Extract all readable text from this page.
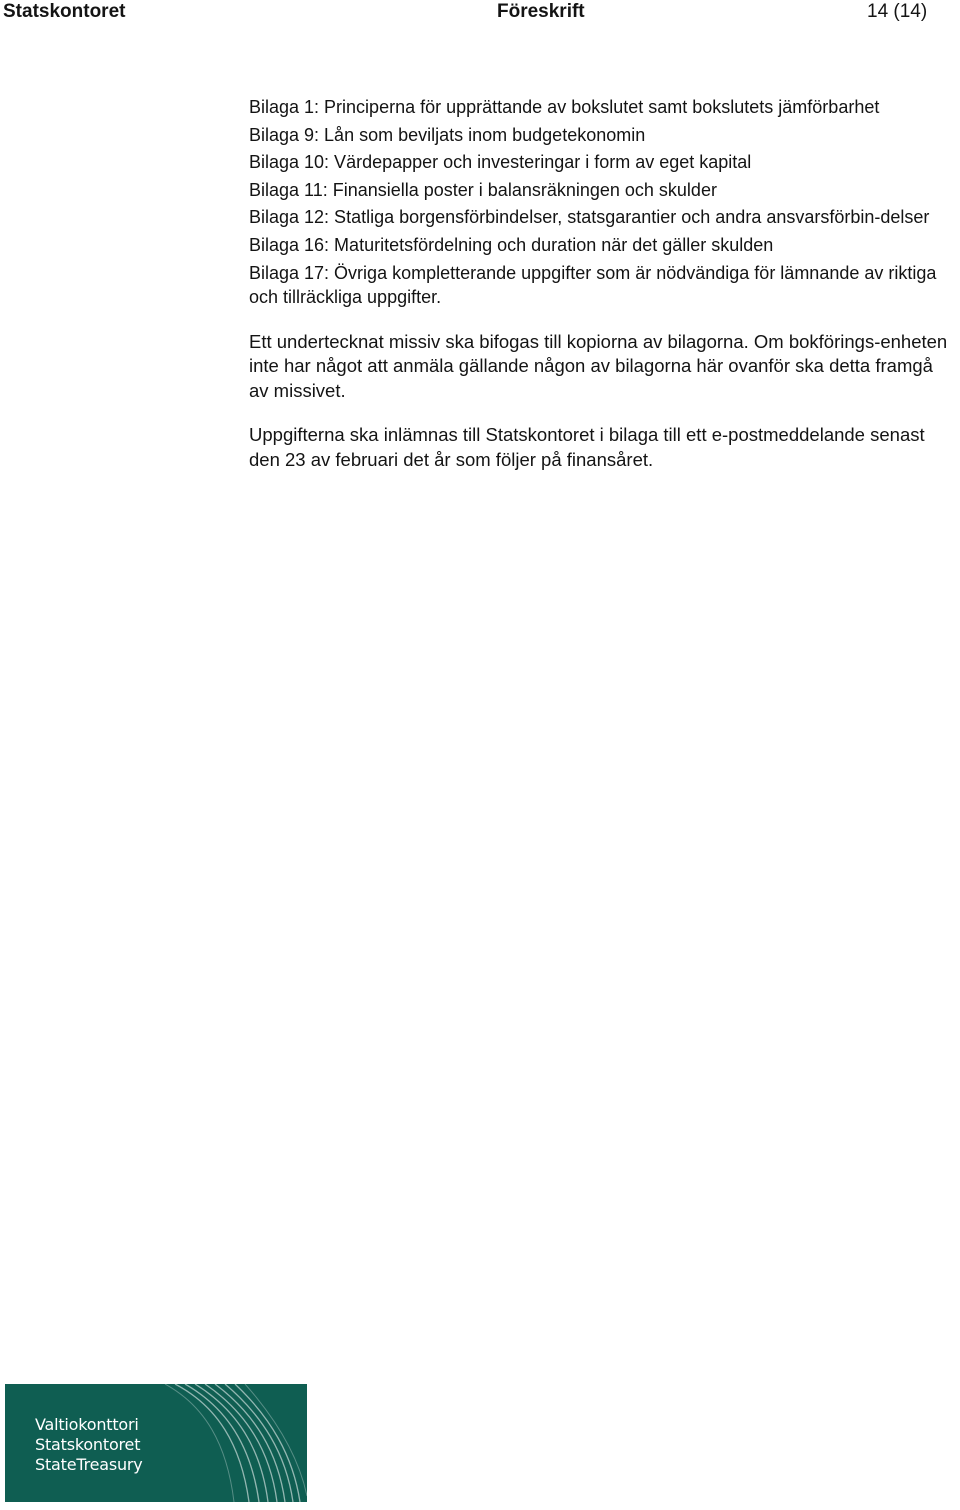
Statskontoret	Föreskrift	14 (14)
Bilaga 1: Principerna för upprättande av bokslutet samt bokslutets jämförbarhet
Bilaga 9: Lån som beviljats inom budgetekonomin
Bilaga 10: Värdepapper och investeringar i form av eget kapital
Bilaga 11: Finansiella poster i balansräkningen och skulder
Bilaga 12: Statliga borgensförbindelser, statsgarantier och andra ansvarsförbin-delser
Bilaga 16: Maturitetsfördelning och duration när det gäller skulden
Bilaga 17: Övriga kompletterande uppgifter som är nödvändiga för lämnande av riktiga och tillräckliga uppgifter.

Ett undertecknat missiv ska bifogas till kopiorna av bilagorna. Om bokförings-enheten inte har något att anmäla gällande någon av bilagorna här ovanför ska detta framgå av missivet.

Uppgifterna ska inlämnas till Statskontoret i bilaga till ett e-postmeddelande senast den 23 av februari det år som följer på finansåret.

Valtiokonttori
Statskontoret
StateTreasury
